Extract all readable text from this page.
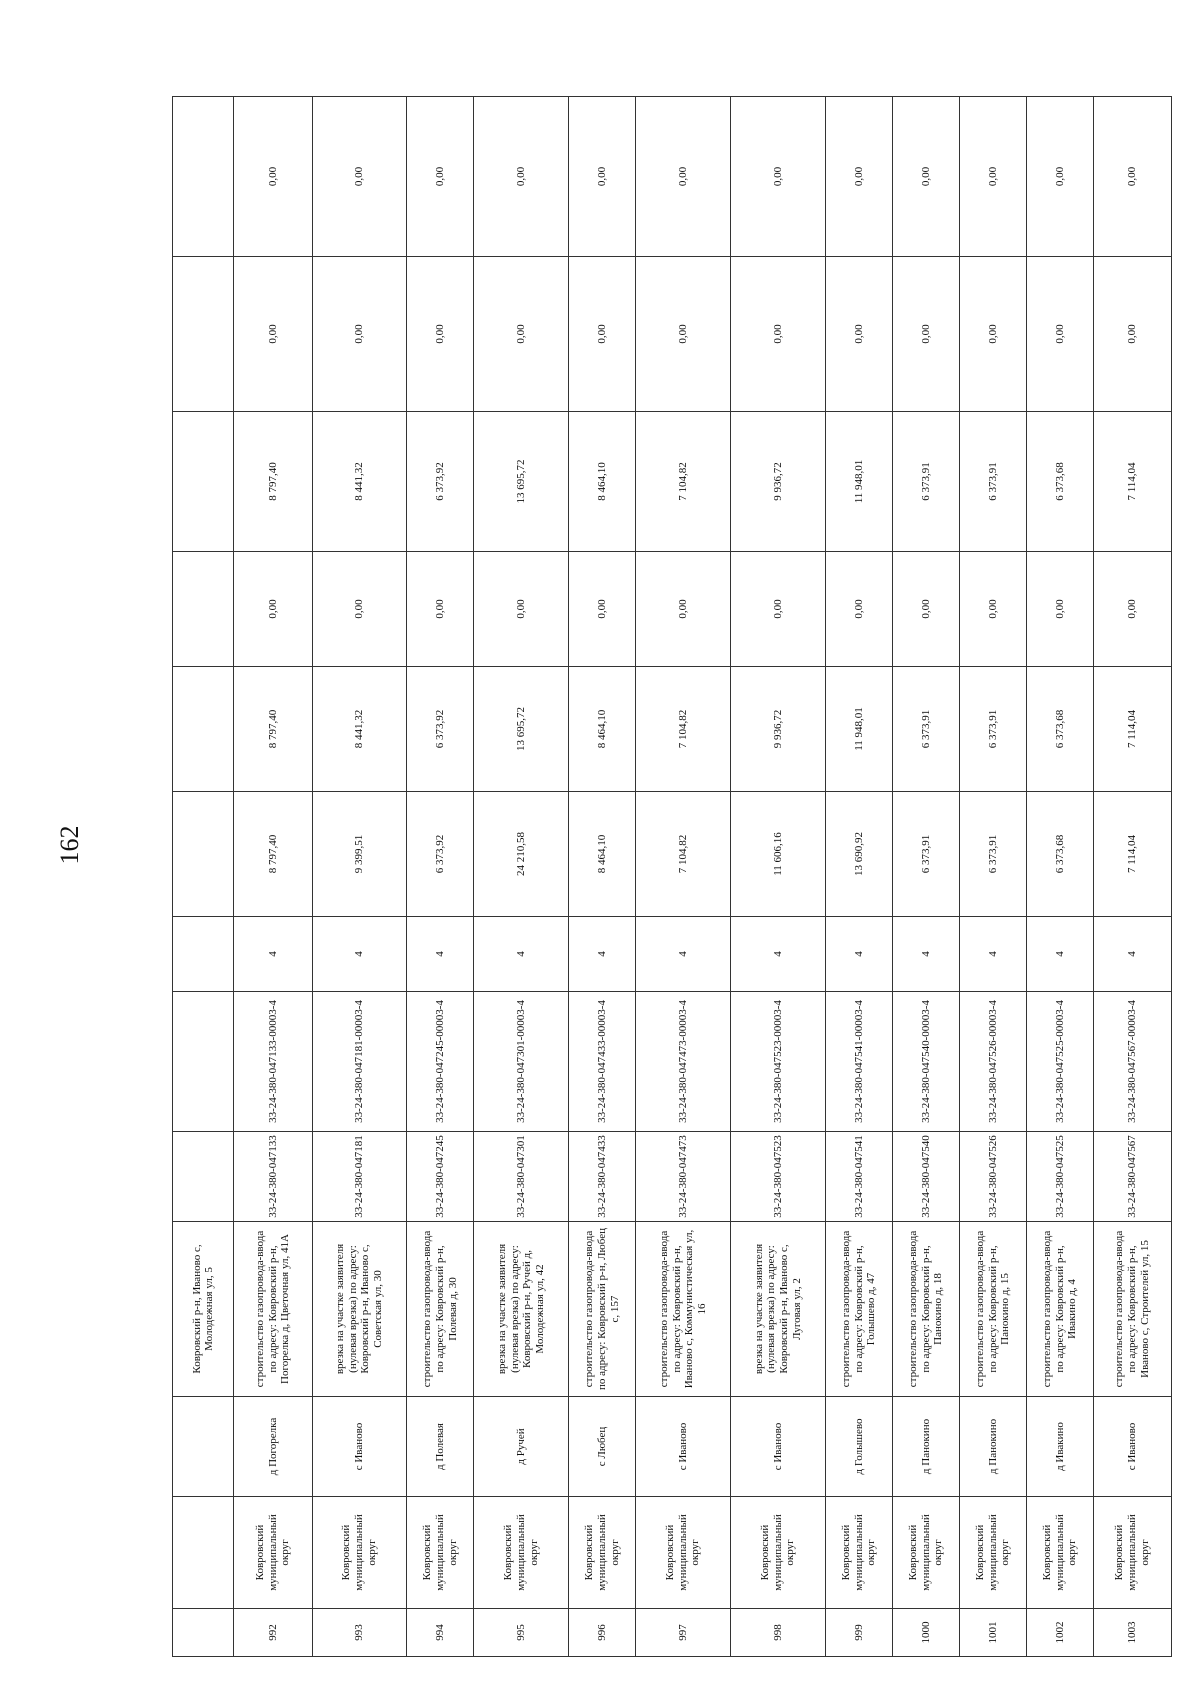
162
			Ковровский р-н, Иваново с, Молодежная ул, 5									
992	Ковровский муниципальный округ	д Погорелка	строительство газопровода-ввода по адресу: Ковровский р-н, Погорелка д, Цветочная ул, 41А	33-24-380-047133	33-24-380-047133-00003-4	4	8 797,40	8 797,40	0,00	8 797,40	0,00	0,00
993	Ковровский муниципальный округ	с Иваново	врезка на участке заявителя (нулевая врезка) по адресу: Ковровский р-н, Иваново с, Советская ул, 30	33-24-380-047181	33-24-380-047181-00003-4	4	9 399,51	8 441,32	0,00	8 441,32	0,00	0,00
994	Ковровский муниципальный округ	д Полевая	строительство газопровода-ввода по адресу: Ковровский р-н, Полевая д, 30	33-24-380-047245	33-24-380-047245-00003-4	4	6 373,92	6 373,92	0,00	6 373,92	0,00	0,00
995	Ковровский муниципальный округ	д Ручей	врезка на участке заявителя (нулевая врезка) по адресу: Ковровский р-н, Ручей д, Молодежная ул, 42	33-24-380-047301	33-24-380-047301-00003-4	4	24 210,58	13 695,72	0,00	13 695,72	0,00	0,00
996	Ковровский муниципальный округ	с Любец	строительство газопровода-ввода по адресу: Ковровский р-н, Любец с, 157	33-24-380-047433	33-24-380-047433-00003-4	4	8 464,10	8 464,10	0,00	8 464,10	0,00	0,00
997	Ковровский муниципальный округ	с Иваново	строительство газопровода-ввода по адресу: Ковровский р-н, Иваново с, Коммунистическая ул, 16	33-24-380-047473	33-24-380-047473-00003-4	4	7 104,82	7 104,82	0,00	7 104,82	0,00	0,00
998	Ковровский муниципальный округ	с Иваново	врезка на участке заявителя (нулевая врезка) по адресу: Ковровский р-н, Иваново с, Луговая ул, 2	33-24-380-047523	33-24-380-047523-00003-4	4	11 606,16	9 936,72	0,00	9 936,72	0,00	0,00
999	Ковровский муниципальный округ	д Голышево	строительство газопровода-ввода по адресу: Ковровский р-н, Голышево д, 47	33-24-380-047541	33-24-380-047541-00003-4	4	13 690,92	11 948,01	0,00	11 948,01	0,00	0,00
1000	Ковровский муниципальный округ	д Панокино	строительство газопровода-ввода по адресу: Ковровский р-н, Панокино д, 18	33-24-380-047540	33-24-380-047540-00003-4	4	6 373,91	6 373,91	0,00	6 373,91	0,00	0,00
1001	Ковровский муниципальный округ	д Панокино	строительство газопровода-ввода по адресу: Ковровский р-н, Панокино д, 15	33-24-380-047526	33-24-380-047526-00003-4	4	6 373,91	6 373,91	0,00	6 373,91	0,00	0,00
1002	Ковровский муниципальный округ	д Ивакино	строительство газопровода-ввода по адресу: Ковровский р-н, Ивакино д, 4	33-24-380-047525	33-24-380-047525-00003-4	4	6 373,68	6 373,68	0,00	6 373,68	0,00	0,00
1003	Ковровский муниципальный округ	с Иваново	строительство газопровода-ввода по адресу: Ковровский р-н, Иваново с, Строителей ул, 15	33-24-380-047567	33-24-380-047567-00003-4	4	7 114,04	7 114,04	0,00	7 114,04	0,00	0,00
